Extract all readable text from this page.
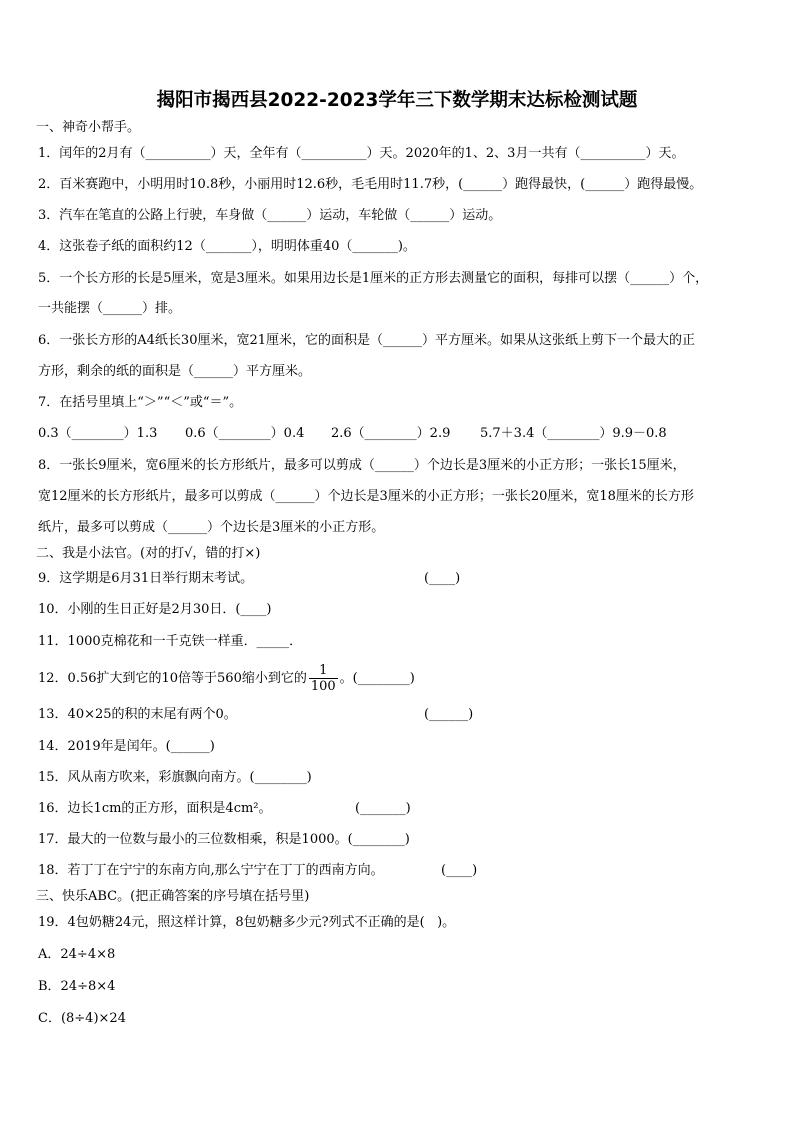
揭阳市揭西县2022-2023学年三下数学期末达标检测试题
一、神奇小帮手。
1．闰年的2月有（__________）天，全年有（__________）天。2020年的1、2、3月一共有（__________）天。
2．百米赛跑中，小明用时10.8秒，小丽用时12.6秒，毛毛用时11.7秒，(______）跑得最快，(______）跑得最慢。
3．汽车在笔直的公路上行驶，车身做（______）运动，车轮做（______）运动。
4．这张卷子纸的面积约12（_______），明明体重40（_______)。
5．一个长方形的长是5厘米，宽是3厘米。如果用边长是1厘米的正方形去测量它的面积，每排可以摆（______）个，
一共能摆（______）排。
6．一张长方形的A4纸长30厘米，宽21厘米，它的面积是（______）平方厘米。如果从这张纸上剪下一个最大的正
方形，剩余的纸的面积是（______）平方厘米。
7．在括号里填上“＞”“＜”或“＝”。
0.3（________）1.3 0.6（________）0.4 2.6（________）2.9 5.7＋3.4（________）9.9－0.8
8．一张长9厘米，宽6厘米的长方形纸片，最多可以剪成（______）个边长是3厘米的小正方形；一张长15厘米，
宽12厘米的长方形纸片，最多可以剪成（______）个边长是3厘米的小正方形；一张长20厘米，宽18厘米的长方形
纸片，最多可以剪成（______）个边长是3厘米的小正方形。
二、我是小法官。(对的打√，错的打×)
9．这学期是6月31日举行期末考试。	(____)
10．小刚的生日正好是2月30日．(____)
11．1000克棉花和一千克铁一样重．_____．
12．0.56扩大到它的10倍等于560缩小到它的 $\frac{1}{100}$ 。(________)
13．40×25的积的末尾有两个0。	(______)
14．2019年是闰年。(______)
15．风从南方吹来，彩旗飘向南方。(________)
16．边长1cm的正方形，面积是4cm²。	(_______)
17．最大的一位数与最小的三位数相乘，积是1000。(________)
18．若丁丁在宁宁的东南方向,那么宁宁在丁丁的西南方向。	(____)
三、快乐ABC。(把正确答案的序号填在括号里)
19．4包奶糖24元，照这样计算，8包奶糖多少元?列式不正确的是(   )。
A．24÷4×8
B．24÷8×4
C．(8÷4)×24
